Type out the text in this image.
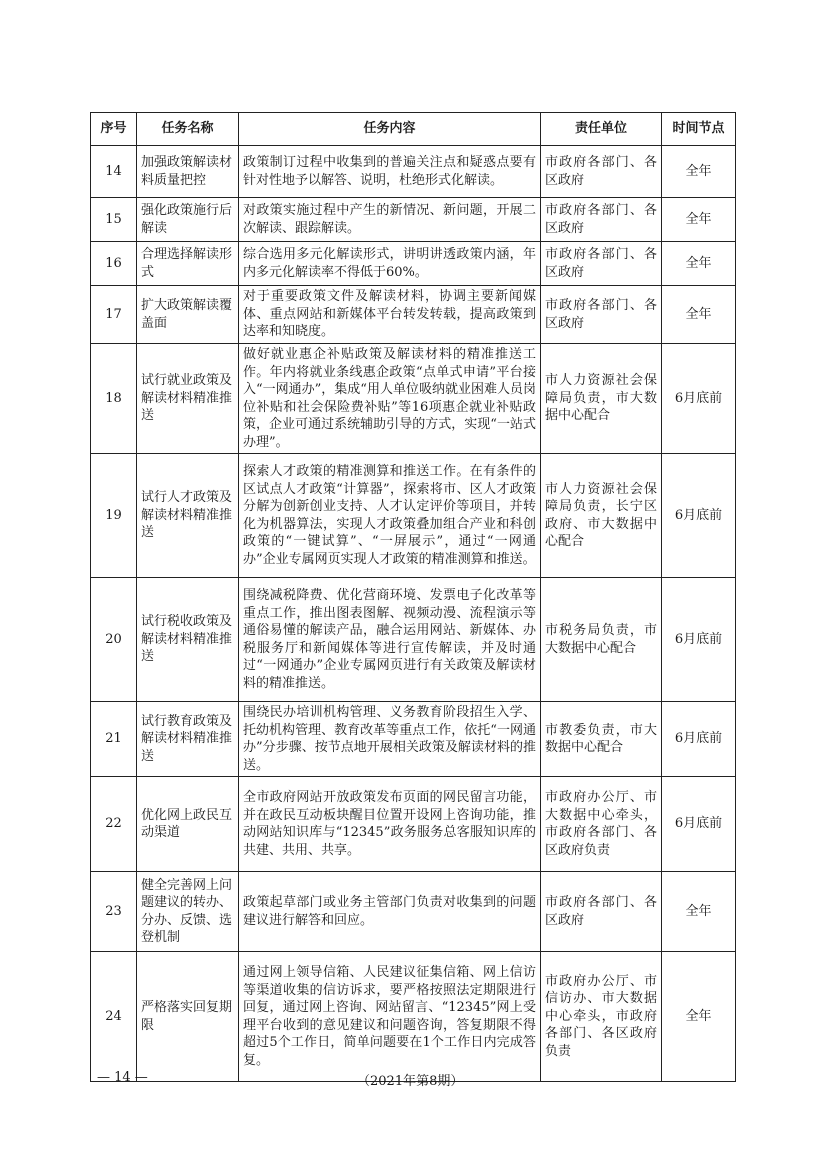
序号	任务名称	任务内容	责任单位	时间节点
14	加强政策解读材料质量把控	政策制订过程中收集到的普遍关注点和疑惑点要有针对性地予以解答、说明，杜绝形式化解读。	市政府各部门、各区政府	全年
15	强化政策施行后解读	对政策实施过程中产生的新情况、新问题，开展二次解读、跟踪解读。	市政府各部门、各区政府	全年
16	合理选择解读形式	综合选用多元化解读形式，讲明讲透政策内涵，年内多元化解读率不得低于60%。	市政府各部门、各区政府	全年
17	扩大政策解读覆盖面	对于重要政策文件及解读材料，协调主要新闻媒体、重点网站和新媒体平台转发转载，提高政策到达率和知晓度。	市政府各部门、各区政府	全年
18	试行就业政策及解读材料精准推送	做好就业惠企补贴政策及解读材料的精准推送工作。年内将就业条线惠企政策“点单式申请”平台接入“一网通办”，集成“用人单位吸纳就业困难人员岗位补贴和社会保险费补贴”等16项惠企就业补贴政策，企业可通过系统辅助引导的方式，实现“一站式办理”。	市人力资源社会保障局负责，市大数据中心配合	6月底前
19	试行人才政策及解读材料精准推送	探索人才政策的精准测算和推送工作。在有条件的区试点人才政策“计算器”，探索将市、区人才政策分解为创新创业支持、人才认定评价等项目，并转化为机器算法，实现人才政策叠加组合产业和科创政策的“一键试算”、“一屏展示”，通过“一网通办”企业专属网页实现人才政策的精准测算和推送。	市人力资源社会保障局负责，长宁区政府、市大数据中心配合	6月底前
20	试行税收政策及解读材料精准推送	围绕减税降费、优化营商环境、发票电子化改革等重点工作，推出图表图解、视频动漫、流程演示等通俗易懂的解读产品，融合运用网站、新媒体、办税服务厅和新闻媒体等进行宣传解读，并及时通过“一网通办”企业专属网页进行有关政策及解读材料的精准推送。	市税务局负责，市大数据中心配合	6月底前
21	试行教育政策及解读材料精准推送	围绕民办培训机构管理、义务教育阶段招生入学、托幼机构管理、教育改革等重点工作，依托“一网通办”分步骤、按节点地开展相关政策及解读材料的推送。	市教委负责，市大数据中心配合	6月底前
22	优化网上政民互动渠道	全市政府网站开放政策发布页面的网民留言功能，并在政民互动板块醒目位置开设网上咨询功能，推动网站知识库与“12345”政务服务总客服知识库的共建、共用、共享。	市政府办公厅、市大数据中心牵头，市政府各部门、各区政府负责	6月底前
23	健全完善网上问题建议的转办、分办、反馈、选登机制	政策起草部门或业务主管部门负责对收集到的问题建议进行解答和回应。	市政府各部门、各区政府	全年
24	严格落实回复期限	通过网上领导信箱、人民建议征集信箱、网上信访等渠道收集的信访诉求，要严格按照法定期限进行回复，通过网上咨询、网站留言、“12345”网上受理平台收到的意见建议和问题咨询，答复期限不得超过5个工作日，简单问题要在1个工作日内完成答复。	市政府办公厅、市信访办、市大数据中心牵头，市政府各部门、各区政府负责	全年
— 14 —	（2021年第8期）
